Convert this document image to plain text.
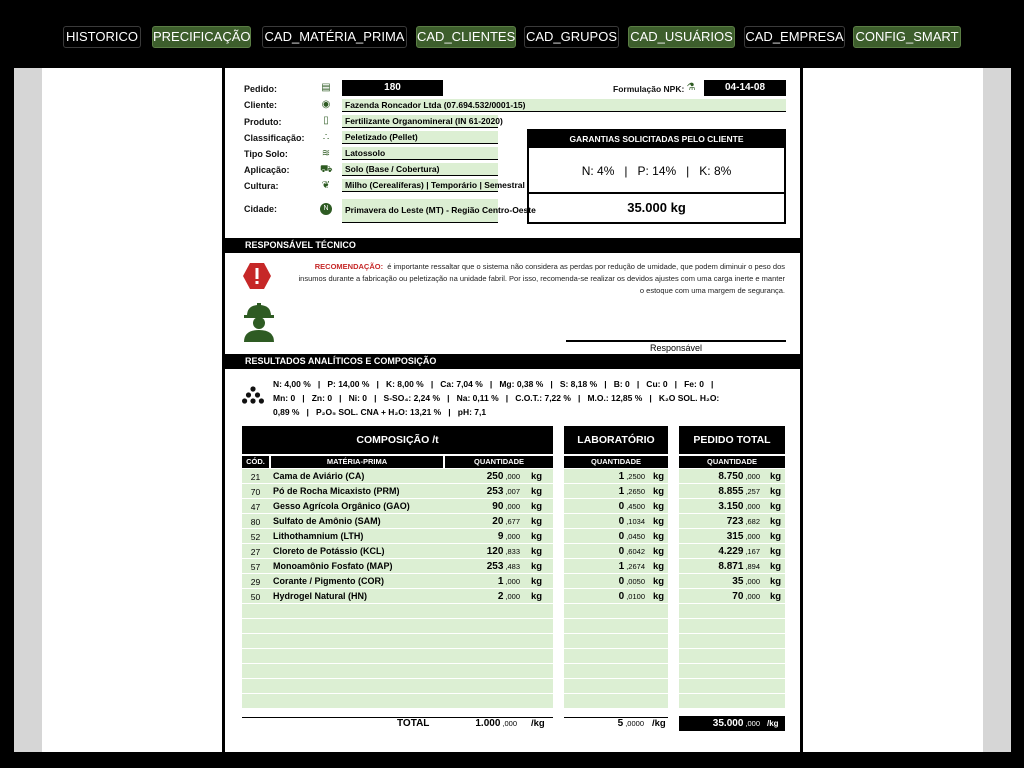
HISTORICO PRECIFICAÇÃO CAD_MATÉRIA_PRIMA CAD_CLIENTES CAD_GRUPOS CAD_USUÁRIOS CAD_EMPRESA CONFIG_SMART
Pedido:	▤	180	Formulação NPK: ⚗	04-14-08
Cliente:	◉	Fazenda Roncador Ltda (07.694.532/0001-15)
Produto:	▯	Fertilizante Organomineral (IN 61-2020)
Classificação: ∴	Peletizado (Pellet)
Tipo Solo:	≋	Latossolo
Aplicação:	⛟	Solo (Base / Cobertura)
Cultura:	❦	Milho (Cerealíferas) | Temporário | Semestral
Cidade:	N	Primavera do Leste (MT) - Região Centro-Oeste
GARANTIAS SOLICITADAS PELO CLIENTE
N: 4%   |   P: 14%   |   K: 8%
35.000 kg
RESPONSÁVEL TÉCNICO
RECOMENDAÇÃO: é importante ressaltar que o sistema não considera as perdas por redução de umidade, que podem diminuir o peso dos insumos durante a fabricação ou peletização na unidade fabril. Por isso, recomenda-se realizar os devidos ajustes com uma carga inerte e manter o estoque com uma margem de segurança.
Responsável
RESULTADOS ANALÍTICOS E COMPOSIÇÃO
N: 4,00 %   |   P: 14,00 %   |   K: 8,00 %   |   Ca: 7,04 %   |   Mg: 0,38 %   |   S: 8,18 %   |   B: 0   |   Cu: 0   |   Fe: 0   |
Mn: 0   |   Zn: 0   |   Ni: 0   |   S-SO₄: 2,24 %   |   Na: 0,11 %   |   C.O.T.: 7,22 %   |   M.O.: 12,85 %   |   K₂O SOL. H₂O:
0,89 %   |   P₂O₅ SOL. CNA + H₂O: 13,21 %   |   pH: 7,1
COMPOSIÇÃO /t	LABORATÓRIO	PEDIDO TOTAL
CÓD.	MATÉRIA-PRIMA	QUANTIDADE	QUANTIDADE	QUANTIDADE
21	Cama de Aviário (CA)	250 ,000 kg	1 ,2500 kg	8.750 ,000 kg
70	Pó de Rocha Micaxisto (PRM)	253 ,007 kg	1 ,2650 kg	8.855 ,257 kg
47	Gesso Agrícola Orgânico (GAO)	90 ,000 kg	0 ,4500 kg	3.150 ,000 kg
80	Sulfato de Amônio (SAM)	20 ,677 kg	0 ,1034 kg	723 ,682 kg
52	Lithothamnium (LTH)	9 ,000 kg	0 ,0450 kg	315 ,000 kg
27	Cloreto de Potássio (KCL)	120 ,833 kg	0 ,6042 kg	4.229 ,167 kg
57	Monoamônio Fosfato (MAP)	253 ,483 kg	1 ,2674 kg	8.871 ,894 kg
29	Corante / Pigmento (COR)	1 ,000 kg	0 ,0050 kg	35 ,000 kg
50	Hydrogel Natural (HN)	2 ,000 kg	0 ,0100 kg	70 ,000 kg
TOTAL	1.000 ,000 /kg	5 ,0000 /kg	35.000 ,000 /kg
